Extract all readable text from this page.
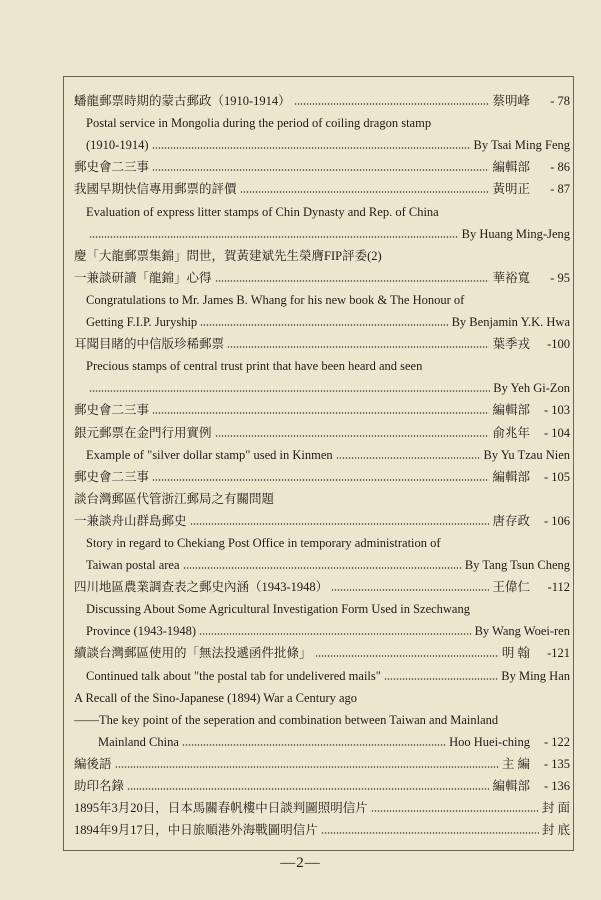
蟠龍郵票時期的蒙古郵政（1910-1914）	蔡明峰	- 78
Postal service in Mongolia during the period of coiling dragon stamp
(1910-1914)	By Tsai Ming Feng
郵史會二三事	編輯部	- 86
我國早期快信專用郵票的評價	黃明正	- 87
Evaluation of express litter stamps of Chin Dynasty and Rep. of China
By Huang Ming-Jeng
慶「大龍郵票集錦」問世，賀黃建斌先生榮膺FIP評委(2)
一兼談研讀「龍錦」心得	華裕寬	- 95
Congratulations to Mr. James B. Whang for his new book & The Honour of
Getting F.I.P. Juryship	By Benjamin Y.K. Hwa
耳聞目睹的中信版珍稀郵票	葉季戎	-100
Precious stamps of central trust print that have been heard and seen
By Yeh Gi-Zon
郵史會二三事	編輯部	- 103
銀元郵票在金門行用實例	俞兆年	- 104
Example of "silver dollar stamp" used in Kinmen	By Yu Tzau Nien
郵史會二三事	編輯部	- 105
談台灣郵區代管浙江郵局之有關問題
一兼談舟山群島郵史	唐存政	- 106
Story in regard to Chekiang Post Office in temporary administration of
Taiwan postal area	By Tang Tsun Cheng
四川地區農業調查表之郵史內涵（1943-1948）	王偉仁	-112
Discussing About Some Agricultural Investigation Form Used in Szechwang
Province (1943-1948)	By Wang Woei-ren
續談台灣郵區使用的「無法投遞函件批條」	明 翰	-121
Continued talk about "the postal tab for undelivered mails"	By Ming Han
A Recall of the Sino-Japanese (1894) War a Century ago
——The key point of the seperation and combination between Taiwan and Mainland
Mainland China	Hoo Huei-ching	- 122
編後語	主 編	- 135
助印名錄	編輯部	- 136
1895年3月20日，日本馬關春帆樓中日談判圖照明信片	封 面
1894年9月17日，中日旅順港外海戰圖明信片	封 底
—2—
